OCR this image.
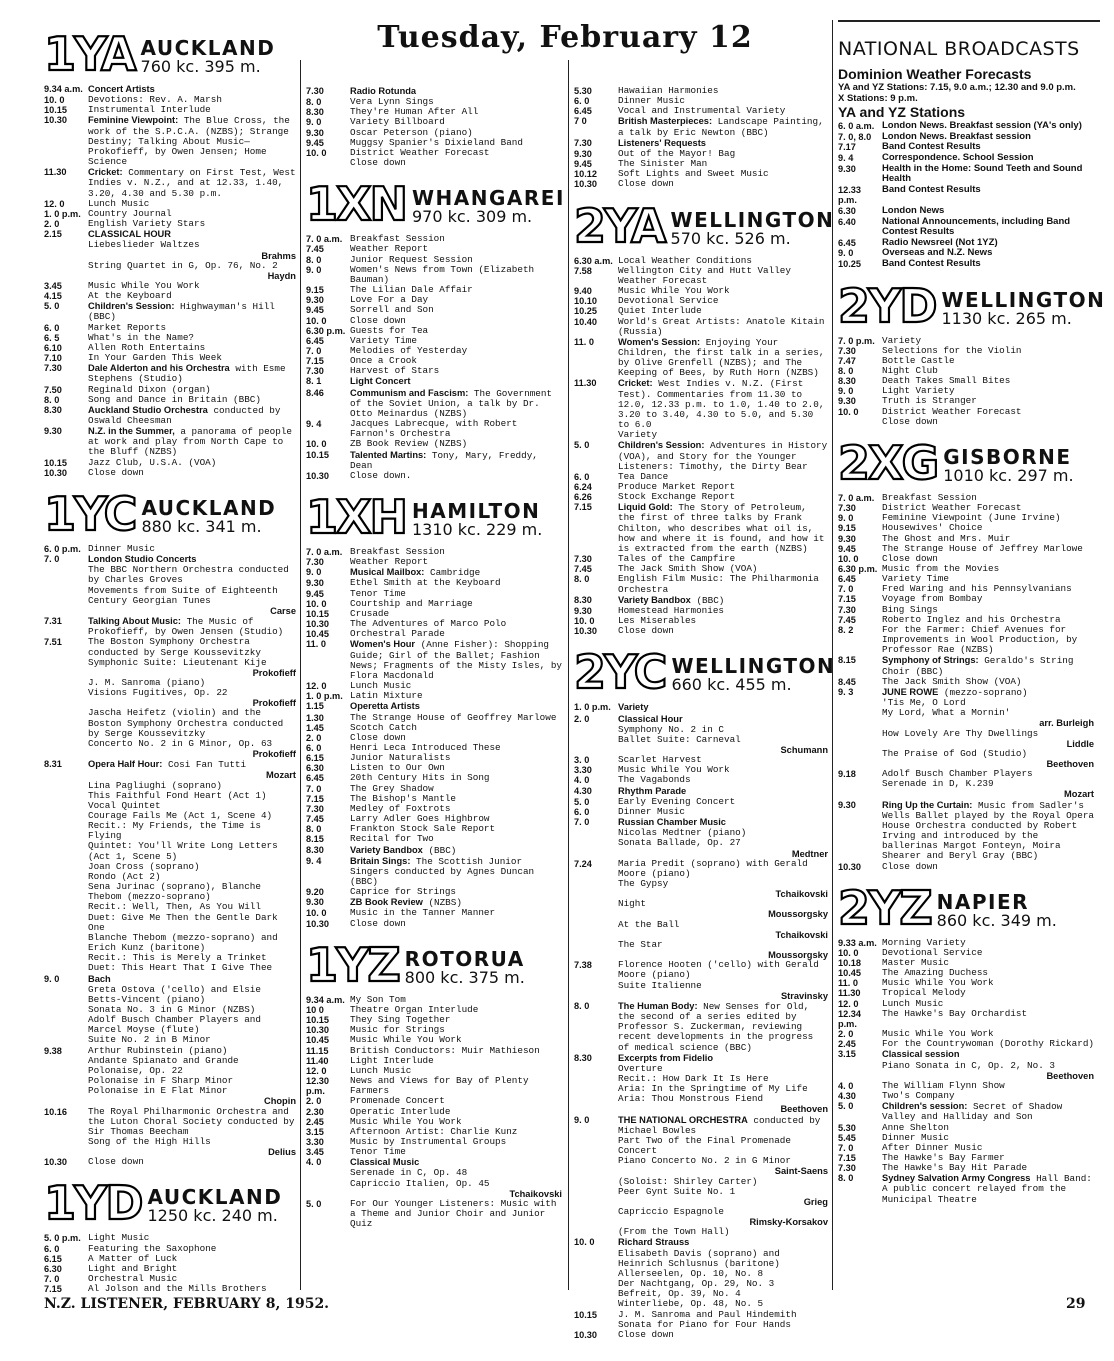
Tuesday, February 12
1YA AUCKLAND
760 kc. 395 m.
9.34 a.m. Concert Artists
10. 0	Devotions: Rev. A. Marsh
10.15	Instrumental Interlude
10.30	Feminine Viewpoint: The Blue Cross, the work of the S.P.C.A. (NZBS); Strange Destiny; Talking About Music—Prokofieff, by Owen Jensen; Home Science
11.30	Cricket: Commentary on First Test, West Indies v. N.Z., and at 12.33, 1.40, 3.20, 4.30 and 5.30 p.m.
12. 0	Lunch Music
1. 0 p.m. Country Journal
2. 0	English Variety Stars
2.15	CLASSICAL HOUR
Liebeslieder Waltzes
Brahms
String Quartet in G, Op. 76, No. 2
Haydn
3.45	Music While You Work
4.15	At the Keyboard
5. 0	Children's Session: Highwayman's Hill (BBC)
6. 0	Market Reports
6. 5	What's in the Name?
6.10	Allen Roth Entertains
7.10	In Your Garden This Week
7.30	Dale Alderton and his Orchestra with Esme Stephens (Studio)
7.50	Reginald Dixon (organ)
8. 0	Song and Dance in Britain (BBC)
8.30	Auckland Studio Orchestra conducted by Oswald Cheesman
9.30	N.Z. in the Summer, a panorama of people at work and play from North Cape to the Bluff (NZBS)
10.15	Jazz Club, U.S.A. (VOA)
10.30	Close down
1YC AUCKLAND
880 kc. 341 m.
6. 0 p.m. Dinner Music
7. 0	London Studio Concerts
The BBC Northern Orchestra conducted by Charles Groves
Movements from Suite of Eighteenth Century Georgian Tunes
Carse
7.31	Talking About Music: The Music of Prokofieff, by Owen Jensen (Studio)
7.51	The Boston Symphony Orchestra conducted by Serge Koussevitzky
Symphonic Suite: Lieutenant Kije
Prokofieff
J. M. Sanroma (piano)
Visions Fugitives, Op. 22
Prokofieff
Jascha Heifetz (violin) and the Boston Symphony Orchestra conducted by Serge Koussevitzky
Concerto No. 2 in G Minor, Op. 63
Prokofieff
8.31	Opera Half Hour: Cosi Fan Tutti
Mozart
Lina Pagliughi (soprano)
This Faithful Fond Heart (Act 1)
Vocal Quintet
Courage Fails Me (Act 1, Scene 4)
Recit.: My Friends, the Time is Flying
Quintet: You'll Write Long Letters (Act 1, Scene 5)
Joan Cross (soprano)
Rondo (Act 2)
Sena Jurinac (soprano), Blanche Thebom (mezzo-soprano)
Recit.: Well, Then, As You Will
Duet: Give Me Then the Gentle Dark One
Blanche Thebom (mezzo-soprano) and Erich Kunz (baritone)
Recit.: This is Merely a Trinket
Duet: This Heart That I Give Thee
9. 0	Bach
Greta Ostova ('cello) and Elsie Betts-Vincent (piano)
Sonata No. 3 in G Minor (NZBS)
Adolf Busch Chamber Players and Marcel Moyse (flute)
Suite No. 2 in B Minor
9.38	Arthur Rubinstein (piano)
Andante Spianato and Grande Polonaise, Op. 22
Polonaise in F Sharp Minor
Polonaise in E Flat Minor
Chopin
10.16	The Royal Philharmonic Orchestra and the Luton Choral Society conducted by Sir Thomas Beecham
Song of the High Hills
Delius
10.30	Close down
1YD AUCKLAND
1250 kc. 240 m.
5. 0 p.m. Light Music
6. 0	Featuring the Saxophone
6.15	A Matter of Luck
6.30	Light and Bright
7. 0	Orchestral Music
7.15	Al Jolson and the Mills Brothers
7.30	Radio Rotunda
8. 0	Vera Lynn Sings
8.30	They're Human After All
9. 0	Variety Billboard
9.30	Oscar Peterson (piano)
9.45	Muggsy Spanier's Dixieland Band
10. 0	District Weather Forecast
Close down
1XN WHANGAREI
970 kc. 309 m.
7. 0 a.m. Breakfast Session
7.45	Weather Report
8. 0	Junior Request Session
9. 0	Women's News from Town (Elizabeth Bauman)
9.15	The Lilian Dale Affair
9.30	Love For a Day
9.45	Sorrell and Son
10. 0	Close down
6.30 p.m. Guests for Tea
6.45	Variety Time
7. 0	Melodies of Yesterday
7.15	Once a Crook
7.30	Harvest of Stars
8. 1	Light Concert
8.46	Communism and Fascism: The Government of the Soviet Union, a talk by Dr. Otto Meinardus (NZBS)
9. 4	Jacques Labrecque, with Robert Farnon's Orchestra
10. 0	ZB Book Review (NZBS)
10.15	Talented Martins: Tony, Mary, Freddy, Dean
10.30	Close down.
1XH HAMILTON
1310 kc. 229 m.
7. 0 a.m. Breakfast Session
7.30	Weather Report
9. 0	Musical Mailbox: Cambridge
9.30	Ethel Smith at the Keyboard
9.45	Tenor Time
10. 0	Courtship and Marriage
10.15	Crusade
10.30	The Adventures of Marco Polo
10.45	Orchestral Parade
11. 0	Women's Hour (Anne Fisher): Shopping Guide; Girl of the Ballet; Fashion News; Fragments of the Misty Isles, by Flora Macdonald
12. 0	Lunch Music
1. 0 p.m. Latin Mixture
1.15	Operetta Artists
1.30	The Strange House of Geoffrey Marlowe
1.45	Scotch Catch
2. 0	Close down
6. 0	Henri Leca Introduced These
6.15	Junior Naturalists
6.30	Listen to Our Own
6.45	20th Century Hits in Song
7. 0	The Grey Shadow
7.15	The Bishop's Mantle
7.30	Medley of Foxtrots
7.45	Larry Adler Goes Highbrow
8. 0	Frankton Stock Sale Report
8.15	Recital for Two
8.30	Variety Bandbox (BBC)
9. 4	Britain Sings: The Scottish Junior Singers conducted by Agnes Duncan (BBC)
9.20	Caprice for Strings
9.30	ZB Book Review (NZBS)
10. 0	Music in the Tanner Manner
10.30	Close down
1YZ ROTORUA
800 kc. 375 m.
9.34 a.m. My Son Tom
10 0	Theatre Organ Interlude
10.15	They Sing Together
10.30	Music for Strings
10.45	Music While You Work
11.15	British Conductors: Muir Mathieson
11.40	Light Interlude
12. 0	Lunch Music
12.30 p.m.
News and Views for Bay of Plenty Farmers
2. 0	Promenade Concert
2.30	Operatic Interlude
2.45	Music While You Work
3.15	Afternoon Artist: Charlie Kunz
3.30	Music by Instrumental Groups
3.45	Tenor Time
4. 0	Classical Music
Serenade in C, Op. 48
Capriccio Italien, Op. 45
Tchaikovski
5. 0	For Our Younger Listeners: Music with a Theme and Junior Choir and Junior Quiz
5.30	Hawaiian Harmonies
6. 0	Dinner Music
6.45	Vocal and Instrumental Variety
7 0	British Masterpieces: Landscape Painting, a talk by Eric Newton (BBC)
7.30	Listeners' Requests
9.30	Out of the Mayor! Bag
9.45	The Sinister Man
10.12	Soft Lights and Sweet Music
10.30	Close down
2YA WELLINGTON
570 kc. 526 m.
6.30 a.m. Local Weather Conditions
7.58	Wellington City and Hutt Valley Weather Forecast
9.40	Music While You Work
10.10	Devotional Service
10.25	Quiet Interlude
10.40	World's Great Artists: Anatole Kitain (Russia)
11. 0	Women's Session: Enjoying Your Children, the first talk in a series, by Olive Grenfell (NZBS); and The Keeping of Bees, by Ruth Horn (NZBS)
11.30	Cricket: West Indies v. N.Z. (First Test). Commentaries from 11.30 to 12.0, 12.33 p.m. to 1.0, 1.40 to 2.0, 3.20 to 3.40, 4.30 to 5.0, and 5.30 to 6.0
Variety
5. 0	Children's Session: Adventures in History (VOA), and Story for the Younger Listeners: Timothy, the Dirty Bear
6. 0	Tea Dance
6.24	Produce Market Report
6.26	Stock Exchange Report
7.15	Liquid Gold: The Story of Petroleum, the first of three talks by Frank Chilton, who describes what oil is, how and where it is found, and how it is extracted from the earth (NZBS)
7.30	Tales of the Campfire
7.45	The Jack Smith Show (VOA)
8. 0	English Film Music: The Philharmonia Orchestra
8.30	Variety Bandbox (BBC)
9.30	Homestead Harmonies
10. 0	Les Miserables
10.30	Close down
2YC WELLINGTON
660 kc. 455 m.
1. 0 p.m. Variety
2. 0	Classical Hour
Symphony No. 2 in C
Ballet Suite: Carneval
Schumann
3. 0	Scarlet Harvest
3.30	Music While You Work
4. 0	The Vagabonds
4.30	Rhythm Parade
5. 0	Early Evening Concert
6. 0	Dinner Music
7. 0	Russian Chamber Music
Nicolas Medtner (piano)
Sonata Ballade, Op. 27
Medtner
7.24	Maria Predit (soprano) with Gerald Moore (piano)
The Gypsy
Tchaikovski
Night
Moussorgsky
At the Ball
Tchaikovski
The Star
Moussorgsky
7.38	Florence Hooten ('cello) with Gerald Moore (piano)
Suite Italienne
Stravinsky
8. 0	The Human Body: New Senses for Old, the second of a series edited by Professor S. Zuckerman, reviewing recent developments in the progress of medical science (BBC)
8.30	Excerpts from Fidelio
Overture
Recit.: How Dark It Is Here
Aria: In the Springtime of My Life
Aria: Thou Monstrous Fiend
Beethoven
9. 0	THE NATIONAL ORCHESTRA conducted by Michael Bowles
Part Two of the Final Promenade Concert
Piano Concerto No. 2 in G Minor
Saint-Saens
(Soloist: Shirley Carter)
Peer Gynt Suite No. 1
Grieg
Capriccio Espagnole
Rimsky-Korsakov
(From the Town Hall)
10. 0	Richard Strauss
Elisabeth Davis (soprano) and Heinrich Schlusnus (baritone)
Allerseelen, Op. 10, No. 8
Der Nachtgang, Op. 29, No. 3
Befreit, Op. 39, No. 4
Winterliebe, Op. 48, No. 5
10.15	J. M. Sanroma and Paul Hindemith
Sonata for Piano for Four Hands
10.30	Close down
NATIONAL BROADCASTS
Dominion Weather Forecasts
YA and YZ Stations: 7.15, 9.0 a.m.; 12.30 and 9.0 p.m.
X Stations: 9 p.m.
YA and YZ Stations
6. 0 a.m. London News. Breakfast session (YA's only)
7. 0, 8.0	London News. Breakfast session
7.17	Band Contest Results
9. 4	Correspondence. School Session
9.30	Health in the Home: Sound Teeth and Sound Health
12.33 p.m.
Band Contest Results
6.30	London News
6.40	National Announcements, including Band Contest Results
6.45	Radio Newsreel (Not 1YZ)
9. 0	Overseas and N.Z. News
10.25	Band Contest Results
2YD WELLINGTON
1130 kc. 265 m.
7. 0 p.m. Variety
7.30	Selections for the Violin
7.47	Bottle Castle
8. 0	Night Club
8.30	Death Takes Small Bites
9. 0	Light Variety
9.30	Truth is Stranger
10. 0	District Weather Forecast
Close down
2XG GISBORNE
1010 kc. 297 m.
7. 0 a.m. Breakfast Session
7.30	District Weather Forecast
9. 0	Feminine Viewpoint (June Irvine)
9.15	Housewives' Choice
9.30	The Ghost and Mrs. Muir
9.45	The Strange House of Jeffrey Marlowe
10. 0	Close down
6.30 p.m. Music from the Movies
6.45	Variety Time
7. 0	Fred Waring and his Pennsylvanians
7.15	Voyage from Bombay
7.30	Bing Sings
7.45	Roberto Inglez and his Orchestra
8. 2	For the Farmer: Chief Avenues for Improvements in Wool Production, by Professor Rae (NZBS)
8.15	Symphony of Strings: Geraldo's String Choir (BBC)
8.45	The Jack Smith Show (VOA)
9. 3	JUNE ROWE (mezzo-soprano)
'Tis Me, O Lord
My Lord, What a Mornin'
arr. Burleigh
How Lovely Are Thy Dwellings
Liddle
The Praise of God (Studio)
Beethoven
9.18	Adolf Busch Chamber Players
Serenade in D, K.239
Mozart
9.30	Ring Up the Curtain: Music from Sadler's Wells Ballet played by the Royal Opera House Orchestra conducted by Robert Irving and introduced by the ballerinas Margot Fonteyn, Moira Shearer and Beryl Gray (BBC)
10.30	Close down
2YZ NAPIER
860 kc. 349 m.
9.33 a.m. Morning Variety
10. 0	Devotional Service
10.18	Master Music
10.45	The Amazing Duchess
11. 0	Music While You Work
11.30	Tropical Melody
12. 0	Lunch Music
12.34 p.m.
The Hawke's Bay Orchardist
2. 0	Music While You Work
2.45	For the Countrywoman (Dorothy Rickard)
3.15	Classical session
Piano Sonata in C, Op. 2, No. 3
Beethoven
4. 0	The William Flynn Show
4.30	Two's Company
5. 0	Children's session: Secret of Shadow Valley and Halliday and Son
5.30	Anne Shelton
5.45	Dinner Music
7. 0	After Dinner Music
7.15	The Hawke's Bay Farmer
7.30	The Hawke's Bay Hit Parade
8. 0	Sydney Salvation Army Congress Hall Band: A public concert relayed from the Municipal Theatre
N.Z. LISTENER, FEBRUARY 8, 1952.	29
